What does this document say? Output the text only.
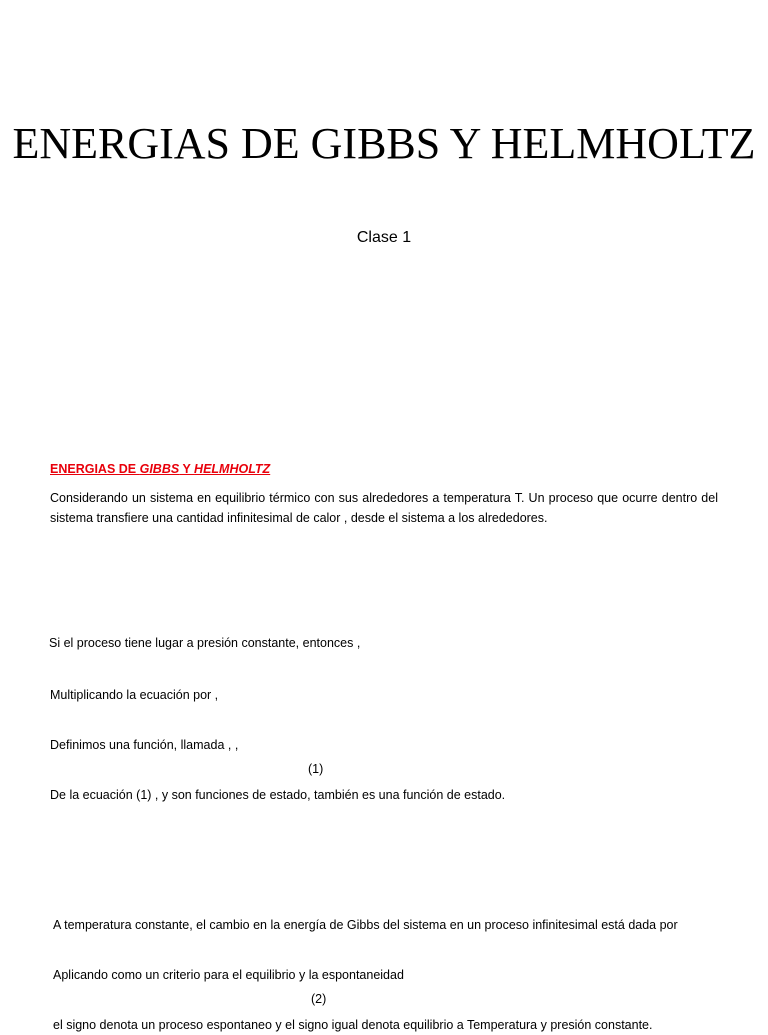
ENERGIAS DE GIBBS Y HELMHOLTZ
Clase 1
ENERGIAS DE GIBBS Y HELMHOLTZ
Considerando un sistema en equilibrio térmico con sus alrededores a temperatura T. Un proceso que ocurre dentro del sistema transfiere una cantidad infinitesimal de calor , desde el sistema a los alrededores.
Si el proceso tiene lugar a presión constante, entonces ,
Multiplicando la ecuación por ,
Definimos una función, llamada , ,
(1)
De la ecuación (1) , y son funciones de estado, también es una función de estado.
A temperatura constante, el cambio en la energía de Gibbs del sistema en un proceso infinitesimal está dada por
Aplicando como un criterio para el equilibrio y la espontaneidad
(2)
el signo denota un proceso espontaneo y el signo igual denota equilibrio a Temperatura y presión constante.
